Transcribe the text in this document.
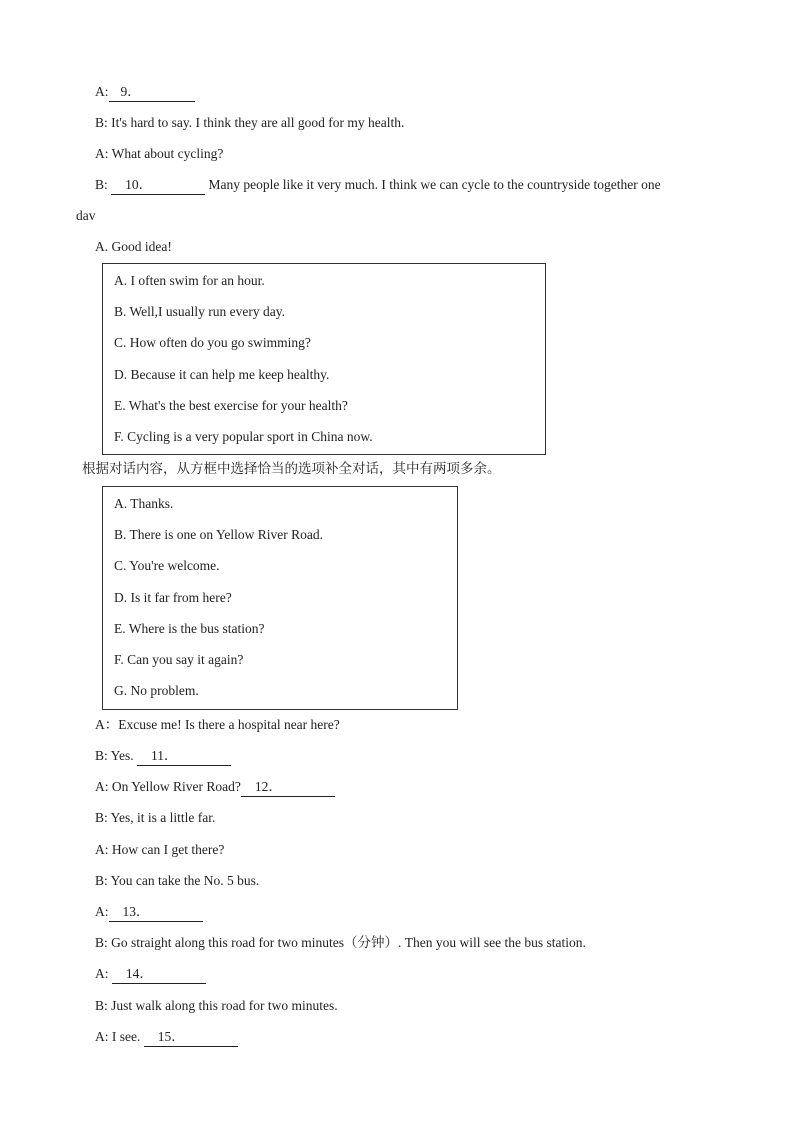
A: 9．
B: It's hard to say. I think they are all good for my health.
A: What about cycling?
B: 10．	Many people like it very much. I think we can cycle to the countryside together one
dav
A. Good idea!
A. I often swim for an hour.
B. Well,I usually run every day.
C. How often do you go swimming?
D. Because it can help me keep healthy.
E. What's the best exercise for your health?
F. Cycling is a very popular sport in China now.
根据对话内容，从方框中选择恰当的选项补全对话，其中有两项多余。
A. Thanks.
B. There is one on Yellow River Road.
C. You're welcome.
D. Is it far from here?
E. Where is the bus station?
F. Can you say it again?
G. No problem.
A：Excuse me! Is there a hospital near here?
B: Yes. 11．
A: On Yellow River Road? 12．
B: Yes, it is a little far.
A: How can I get there?
B: You can take the No. 5 bus.
A: 13．
B: Go straight along this road for two minutes（分钟）. Then you will see the bus station.
A: 14．
B: Just walk along this road for two minutes.
A: I see. 15．
